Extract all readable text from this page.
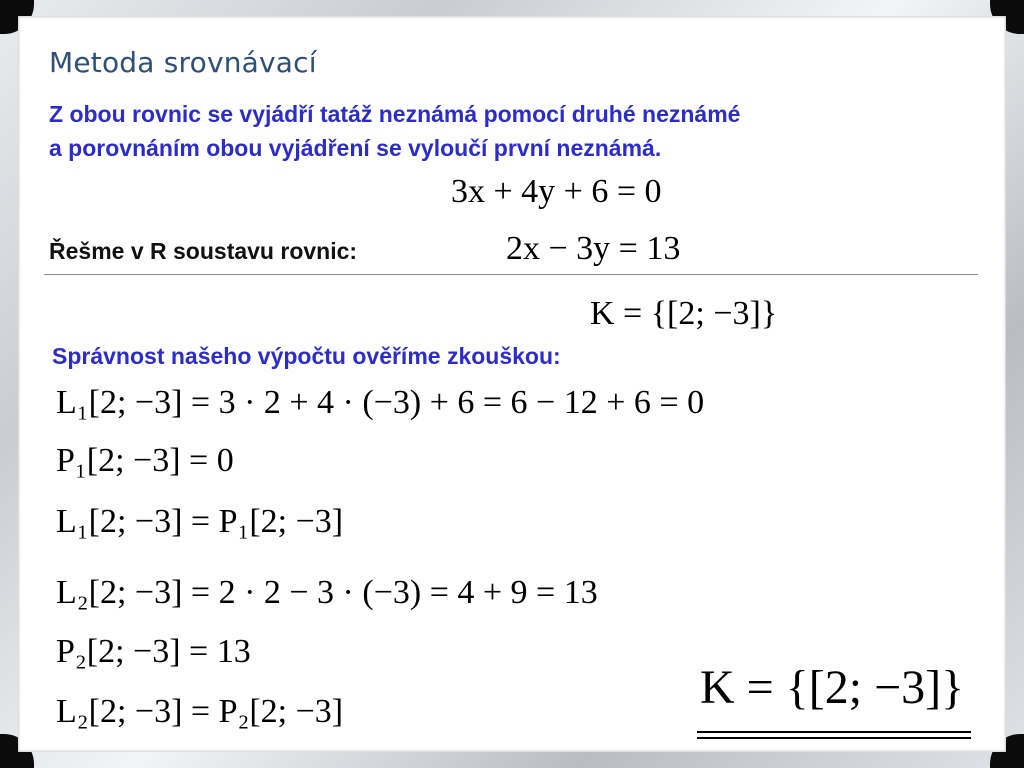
Metoda srovnávací
Z obou rovnic se vyjádří tatáž neznámá pomocí druhé neznámé
a porovnáním obou vyjádření se vyloučí první neznámá.
3x + 4y + 6 = 0
Řešme v R soustavu rovnic:	2x − 3y = 13
K = {[2; −3]}
Správnost našeho výpočtu ověříme zkouškou:
L₁[2; −3] = 3 · 2 + 4 · (−3) + 6 = 6 − 12 + 6 = 0
P₁[2; −3] = 0
L₁[2; −3] = P₁[2; −3]
L₂[2; −3] = 2 · 2 − 3 · (−3) = 4 + 9 = 13
P₂[2; −3] = 13
L₂[2; −3] = P₂[2; −3]	K = {[2; −3]}
